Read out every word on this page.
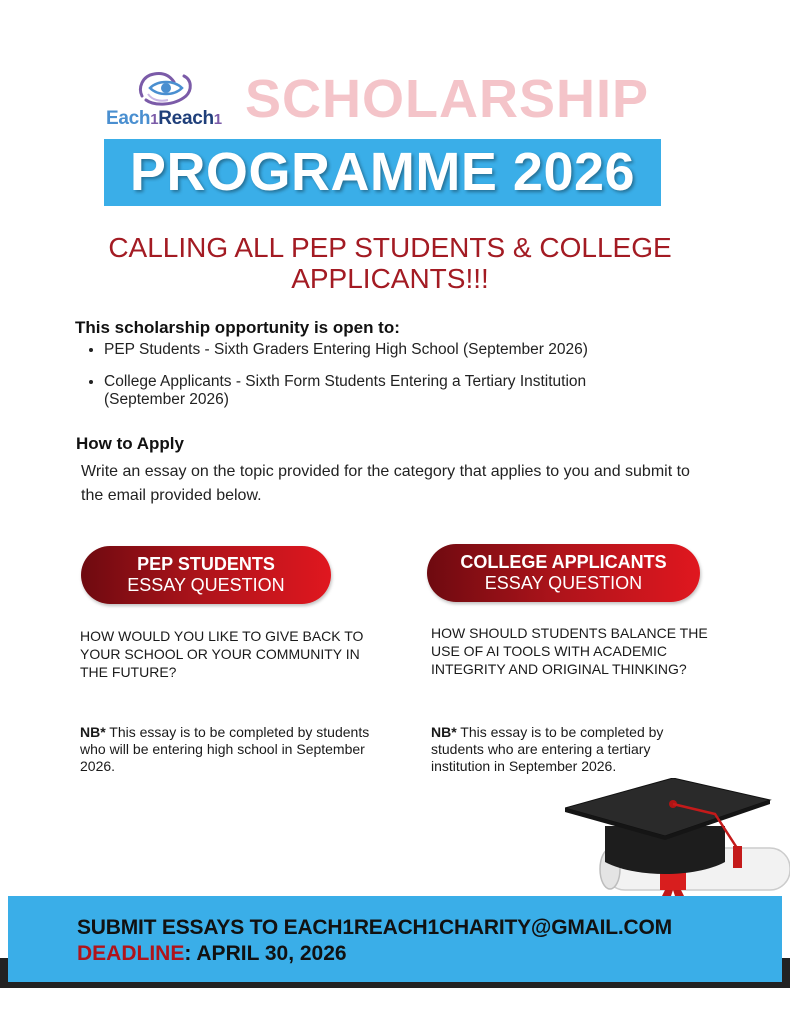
Each1Reach1 SCHOLARSHIP
PROGRAMME 2026
CALLING ALL PEP STUDENTS & COLLEGE
APPLICANTS!!!
This scholarship opportunity is open to:
• PEP Students - Sixth Graders Entering High School (September 2026)
• College Applicants - Sixth Form Students Entering a Tertiary Institution (September 2026)
How to Apply
Write an essay on the topic provided for the category that applies to you and submit to the email provided below.
PEP STUDENTS
ESSAY QUESTION
COLLEGE APPLICANTS
ESSAY QUESTION
HOW WOULD YOU LIKE TO GIVE BACK TO YOUR SCHOOL OR YOUR COMMUNITY IN THE FUTURE?
HOW SHOULD STUDENTS BALANCE THE USE OF AI TOOLS WITH ACADEMIC INTEGRITY AND ORIGINAL THINKING?
NB* This essay is to be completed by students who will be entering high school in September 2026.
NB* This essay is to be completed by students who are entering a tertiary institution in September 2026.
SUBMIT ESSAYS TO EACH1REACH1CHARITY@GMAIL.COM
DEADLINE: APRIL 30, 2026
